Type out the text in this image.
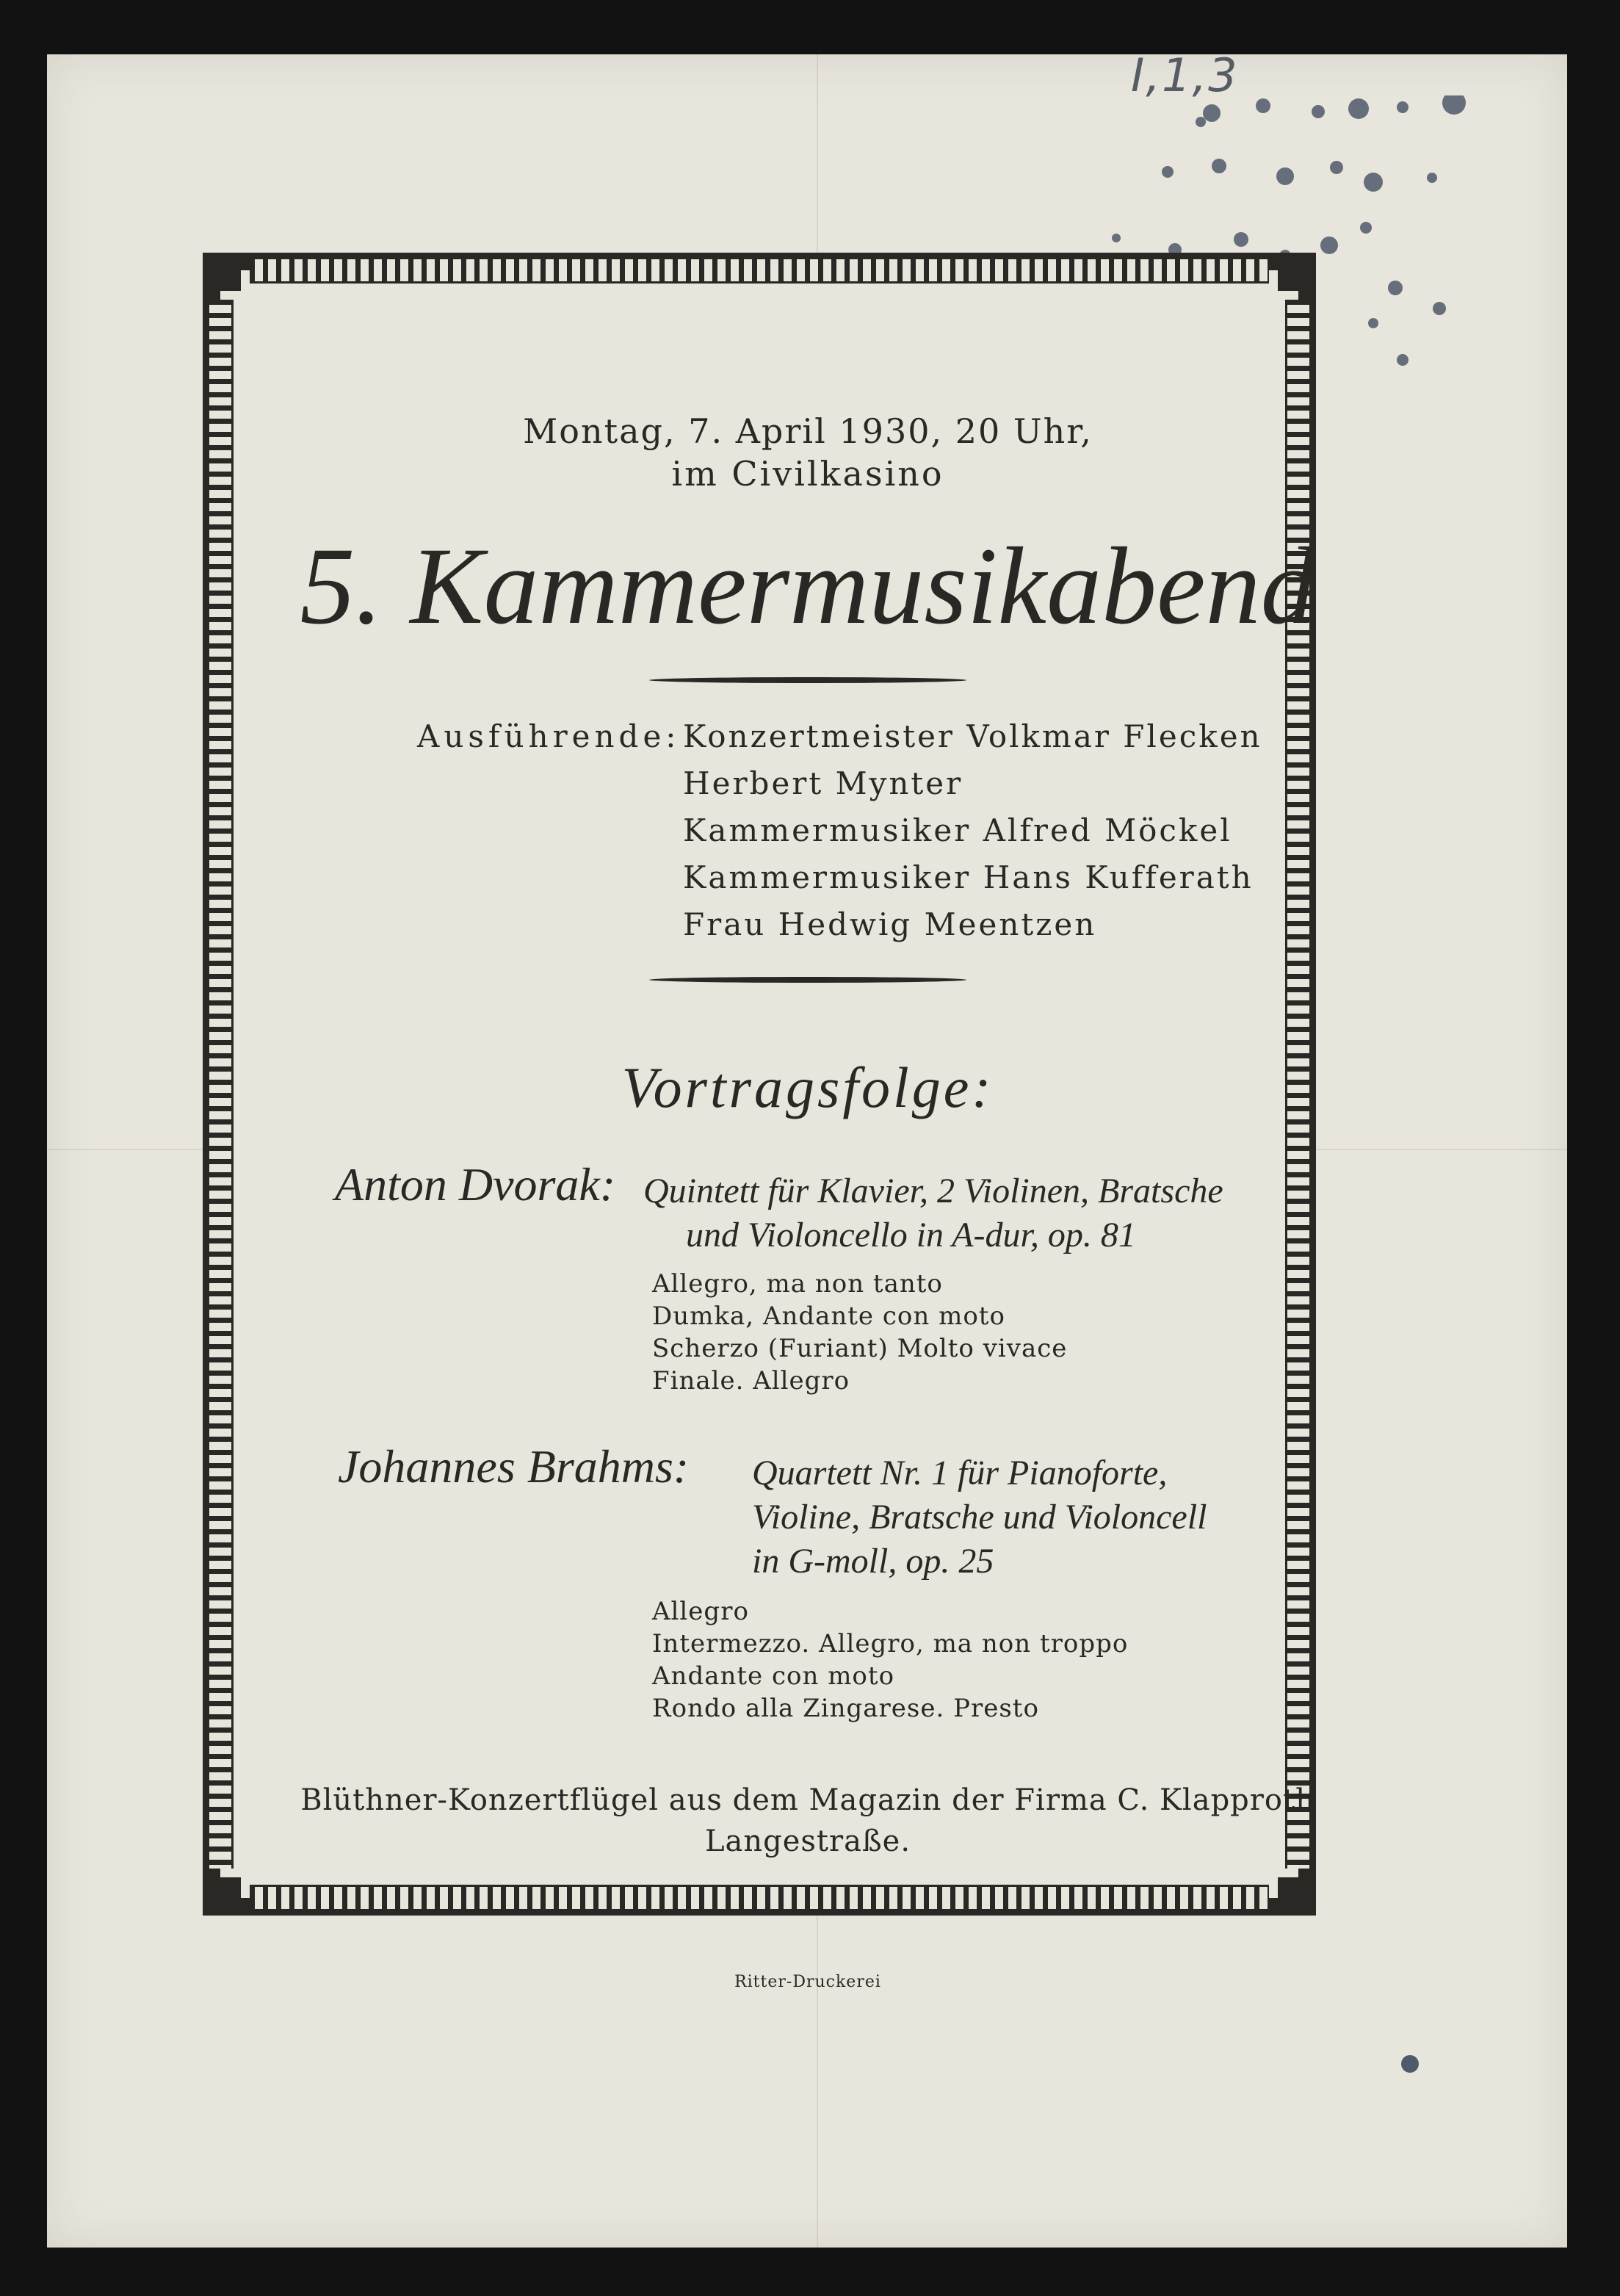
I,1,3
Montag, 7. April 1930, 20 Uhr,
im Civilkasino
5. Kammermusikabend
Ausführende: Konzertmeister Volkmar Flecken
Herbert Mynter
Kammermusiker Alfred Möckel
Kammermusiker Hans Kufferath
Frau Hedwig Meentzen
Vortragsfolge:
Anton Dvorak: Quintett für Klavier, 2 Violinen, Bratsche
und Violoncello in A-dur, op. 81
Allegro, ma non tanto
Dumka, Andante con moto
Scherzo (Furiant) Molto vivace
Finale. Allegro
Johannes Brahms: Quartett Nr. 1 für Pianoforte,
Violine, Bratsche und Violoncell
in G-moll, op. 25
Allegro
Intermezzo. Allegro, ma non troppo
Andante con moto
Rondo alla Zingarese. Presto
Blüthner-Konzertflügel aus dem Magazin der Firma C. Klapproth
Langestraße.
Ritter-Druckerei
